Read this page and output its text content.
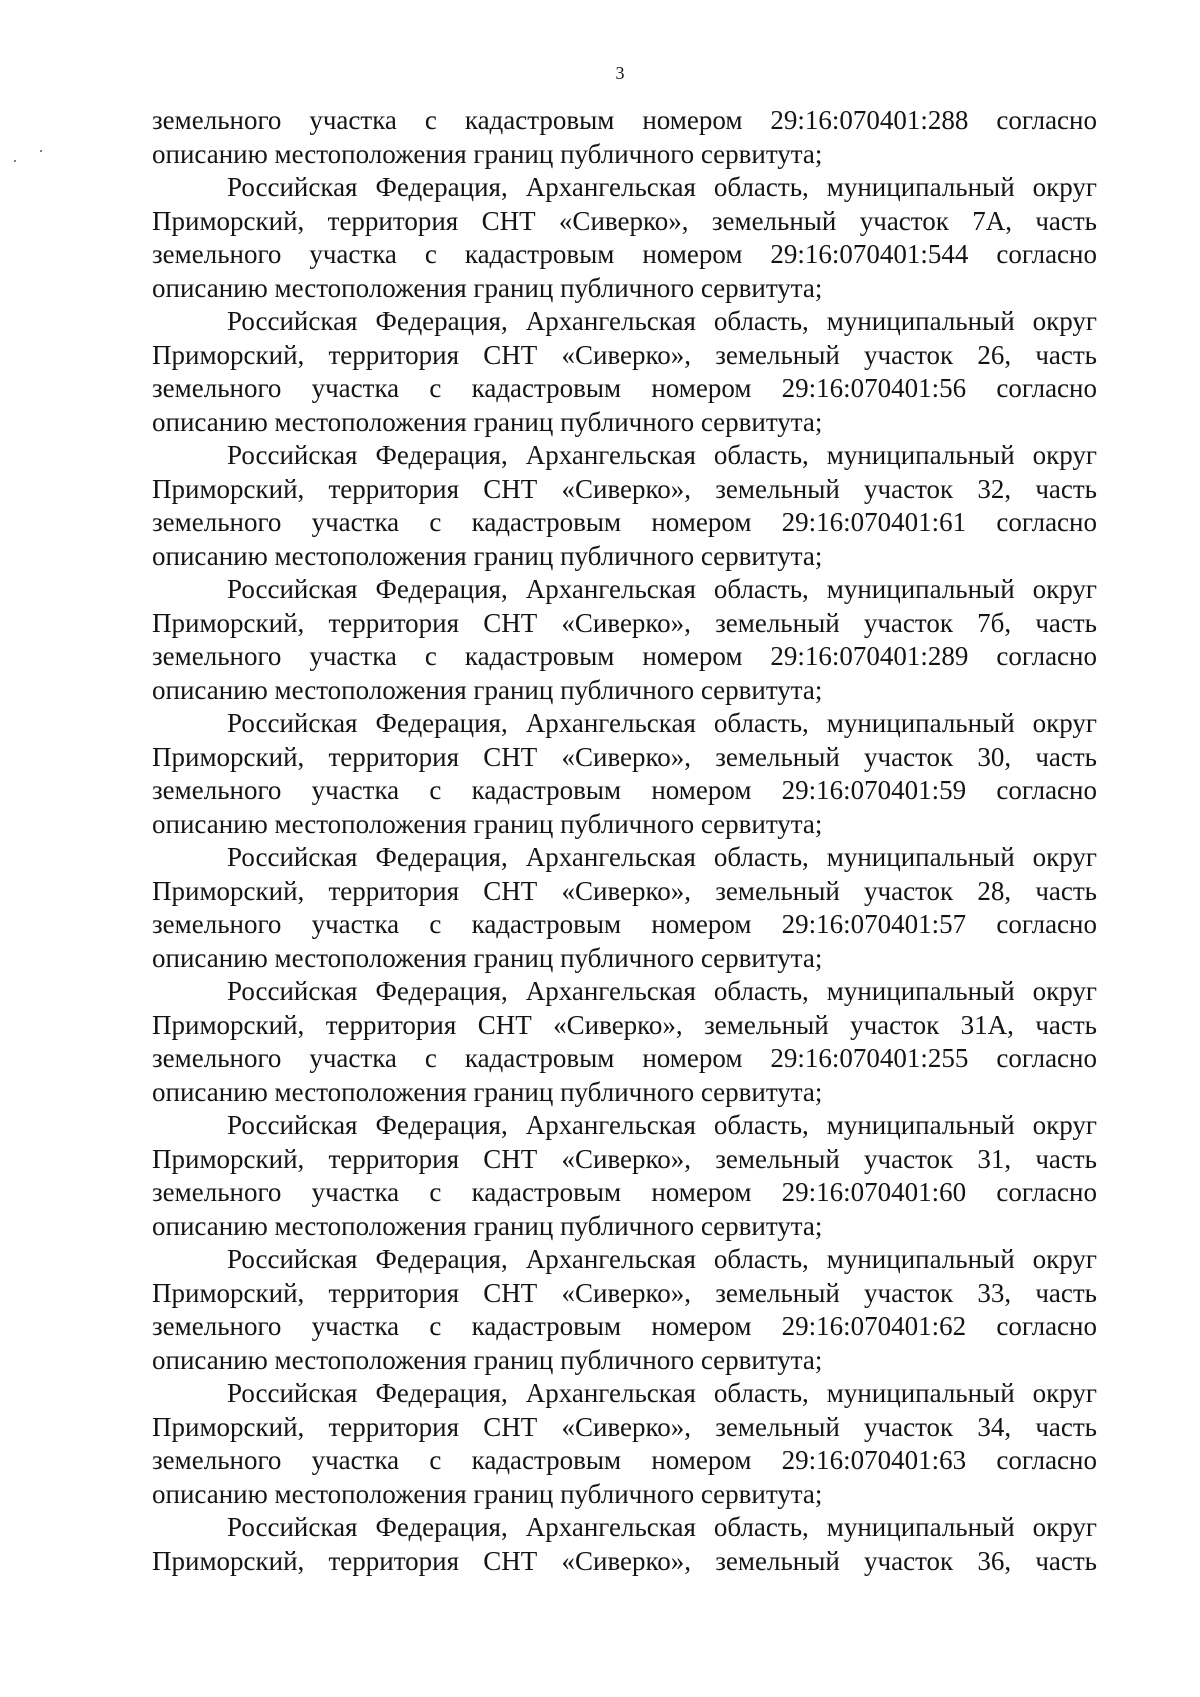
3
земельного участка с кадастровым номером 29:16:070401:288 согласно
описанию местоположения границ публичного сервитута;
Российская Федерация, Архангельская область, муниципальный округ
Приморский, территория СНТ «Сиверко», земельный участок 7А, часть
земельного участка с кадастровым номером 29:16:070401:544 согласно
описанию местоположения границ публичного сервитута;
Российская Федерация, Архангельская область, муниципальный округ
Приморский, территория СНТ «Сиверко», земельный участок 26, часть
земельного участка с кадастровым номером 29:16:070401:56 согласно
описанию местоположения границ публичного сервитута;
Российская Федерация, Архангельская область, муниципальный округ
Приморский, территория СНТ «Сиверко», земельный участок 32, часть
земельного участка с кадастровым номером 29:16:070401:61 согласно
описанию местоположения границ публичного сервитута;
Российская Федерация, Архангельская область, муниципальный округ
Приморский, территория СНТ «Сиверко», земельный участок 7б, часть
земельного участка с кадастровым номером 29:16:070401:289 согласно
описанию местоположения границ публичного сервитута;
Российская Федерация, Архангельская область, муниципальный округ
Приморский, территория СНТ «Сиверко», земельный участок 30, часть
земельного участка с кадастровым номером 29:16:070401:59 согласно
описанию местоположения границ публичного сервитута;
Российская Федерация, Архангельская область, муниципальный округ
Приморский, территория СНТ «Сиверко», земельный участок 28, часть
земельного участка с кадастровым номером 29:16:070401:57 согласно
описанию местоположения границ публичного сервитута;
Российская Федерация, Архангельская область, муниципальный округ
Приморский, территория СНТ «Сиверко», земельный участок 31А, часть
земельного участка с кадастровым номером 29:16:070401:255 согласно
описанию местоположения границ публичного сервитута;
Российская Федерация, Архангельская область, муниципальный округ
Приморский, территория СНТ «Сиверко», земельный участок 31, часть
земельного участка с кадастровым номером 29:16:070401:60 согласно
описанию местоположения границ публичного сервитута;
Российская Федерация, Архангельская область, муниципальный округ
Приморский, территория СНТ «Сиверко», земельный участок 33, часть
земельного участка с кадастровым номером 29:16:070401:62 согласно
описанию местоположения границ публичного сервитута;
Российская Федерация, Архангельская область, муниципальный округ
Приморский, территория СНТ «Сиверко», земельный участок 34, часть
земельного участка с кадастровым номером 29:16:070401:63 согласно
описанию местоположения границ публичного сервитута;
Российская Федерация, Архангельская область, муниципальный округ
Приморский, территория СНТ «Сиверко», земельный участок 36, часть
